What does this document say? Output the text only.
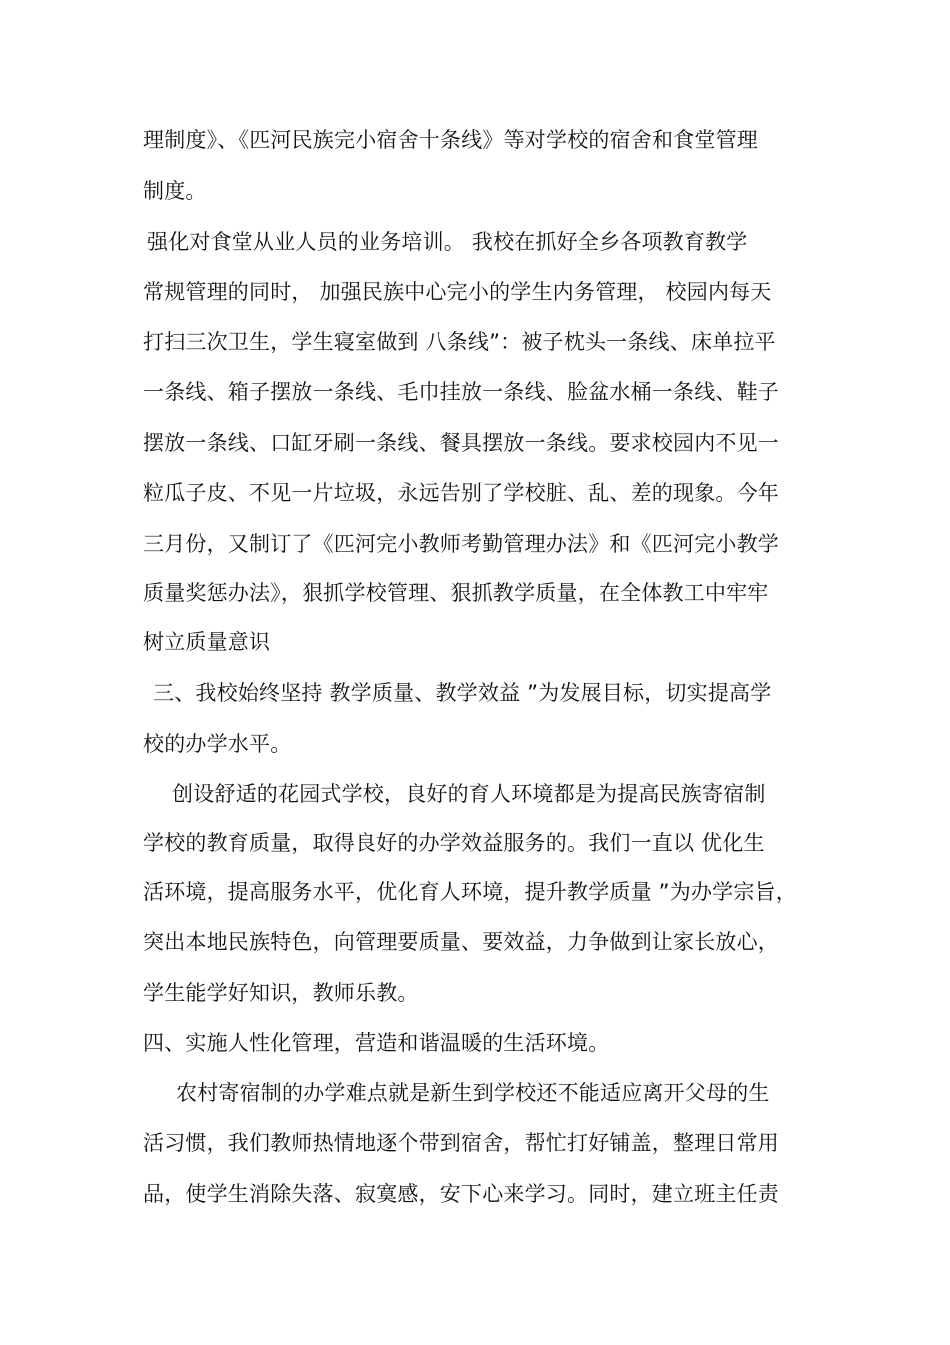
理制度》、《匹河民族完小宿舍十条线》等对学校的宿舍和食堂管理
制度。
强化对食堂从业人员的业务培训。 我校在抓好全乡各项教育教学
常规管理的同时， 加强民族中心完小的学生内务管理， 校园内每天
打扫三次卫生，学生寝室做到 八条线”：被子枕头一条线、床单拉平
一条线、箱子摆放一条线、毛巾挂放一条线、脸盆水桶一条线、鞋子
摆放一条线、口缸牙刷一条线、餐具摆放一条线。要求校园内不见一
粒瓜子皮、不见一片垃圾，永远告别了学校脏、乱、差的现象。今年
三月份，又制订了《匹河完小教师考勤管理办法》和《匹河完小教学
质量奖惩办法》，狠抓学校管理、狠抓教学质量，在全体教工中牢牢
树立质量意识
三、我校始终坚持 教学质量、教学效益 ”为发展目标，切实提高学
校的办学水平。
创设舒适的花园式学校，良好的育人环境都是为提高民族寄宿制
学校的教育质量，取得良好的办学效益服务的。我们一直以 优化生
活环境，提高服务水平，优化育人环境，提升教学质量 ”为办学宗旨，
突出本地民族特色，向管理要质量、要效益，力争做到让家长放心，
学生能学好知识，教师乐教。
四、实施人性化管理，营造和谐温暖的生活环境。
农村寄宿制的办学难点就是新生到学校还不能适应离开父母的生
活习惯，我们教师热情地逐个带到宿舍，帮忙打好铺盖，整理日常用
品，使学生消除失落、寂寞感，安下心来学习。同时，建立班主任责
